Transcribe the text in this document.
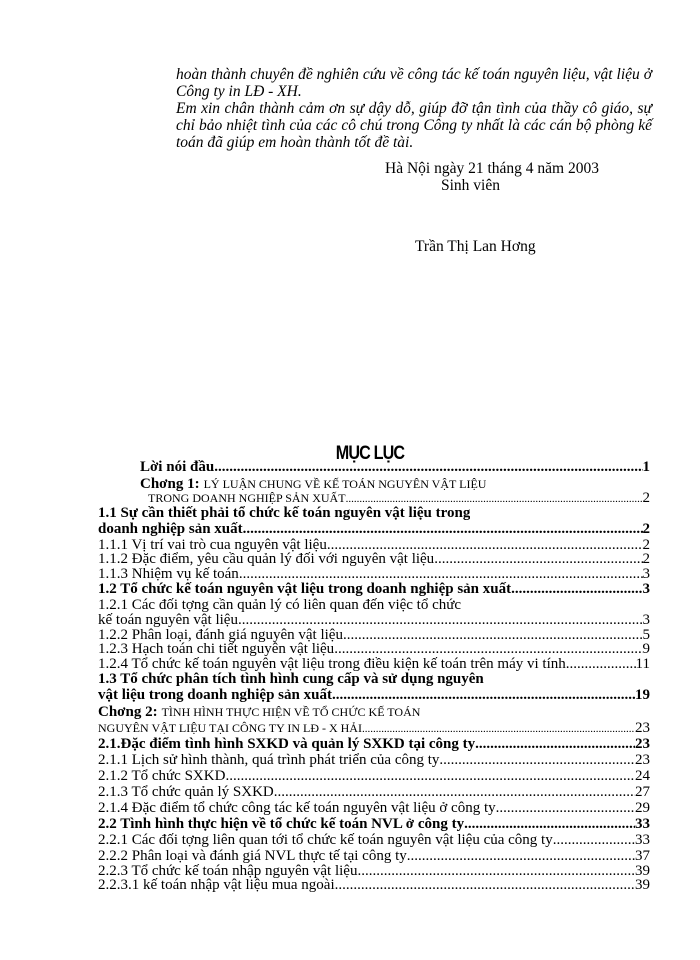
hoàn thành chuyên đề nghiên cứu về công tác kế toán nguyên liệu, vật liệu ở Công ty in LĐ - XH.

Em xin chân thành cảm ơn sự dậy dỗ, giúp đỡ tận tình của thầy cô giáo, sự chỉ bảo nhiệt tình của các cô chú trong Công ty nhất là các cán bộ phòng kế toán đã giúp em hoàn thành tốt đề tài.

Hà Nội ngày 21 tháng 4 năm 2003
Sinh viên
Trần Thị Lan Hơng
MỤC LỤC
Lời nói đầu .....	1
Chơng 1: LÝ LUẬN CHUNG VỀ KẾ TOÁN NGUYÊN VẬT LIỆU
TRONG DOANH NGHIỆP SẢN XUẤT .....	2
1.1 Sự cần thiết phải tổ chức kế toán nguyên vật liệu trong
doanh nghiệp sản xuất .....	2
1.1.1 Vị trí vai trò cua nguyên vật liệu .....	2
1.1.2 Đặc điểm, yêu cầu quản lý đối với nguyên vật liệu .....	2
1.1.3 Nhiệm vụ kế toán .....	3
1.2 Tổ chức kế toán nguyên vật liệu trong doanh nghiệp sản xuất .....	3
1.2.1 Các đối tợng cần quản lý có liên quan đến việc tổ chức
kế toán nguyên vật liệu .....	3
1.2.2 Phân loại, đánh giá nguyên vật liệu .....	5
1.2.3 Hạch toán chi tiết nguyên vật liệu .....	9
1.2.4 Tổ chức kế toán nguyên vật liệu trong điều kiện kế toán trên máy vi tính .....	11
1.3 Tổ chức phân tích tình hình cung cấp và sử dụng nguyên
vật liệu trong doanh nghiệp sản xuất .....	19
Chơng 2: TÌNH HÌNH THỰC HIỆN VỀ TỔ CHỨC KẾ TOÁN
NGUYÊN VẬT LIỆU TẠI CÔNG TY IN LĐ - X HẢI .....	23
2.1.Đặc điểm tình hình SXKD và quản lý SXKD tại công ty .....	23
2.1.1 Lịch sử hình thành, quá trình phát triển của công ty .....	23
2.1.2 Tổ chức SXKD .....	24
2.1.3 Tổ chức quản lý SXKD .....	27
2.1.4 Đặc điểm tổ chức công tác kế toán nguyên vật liệu ở công ty .....	29
2.2 Tình hình thực hiện về tổ chức kế toán NVL ở công ty .....	33
2.2.1 Các đối tợng liên quan tới tổ chức kế toán nguyên vật liệu của công ty .....	33
2.2.2 Phân loại và đánh giá NVL thực tế tại công ty .....	37
2.2.3 Tổ chức kế toán nhập nguyên vật liệu .....	39
2.2.3.1 kế toán nhập vật liệu mua ngoài .....	39
